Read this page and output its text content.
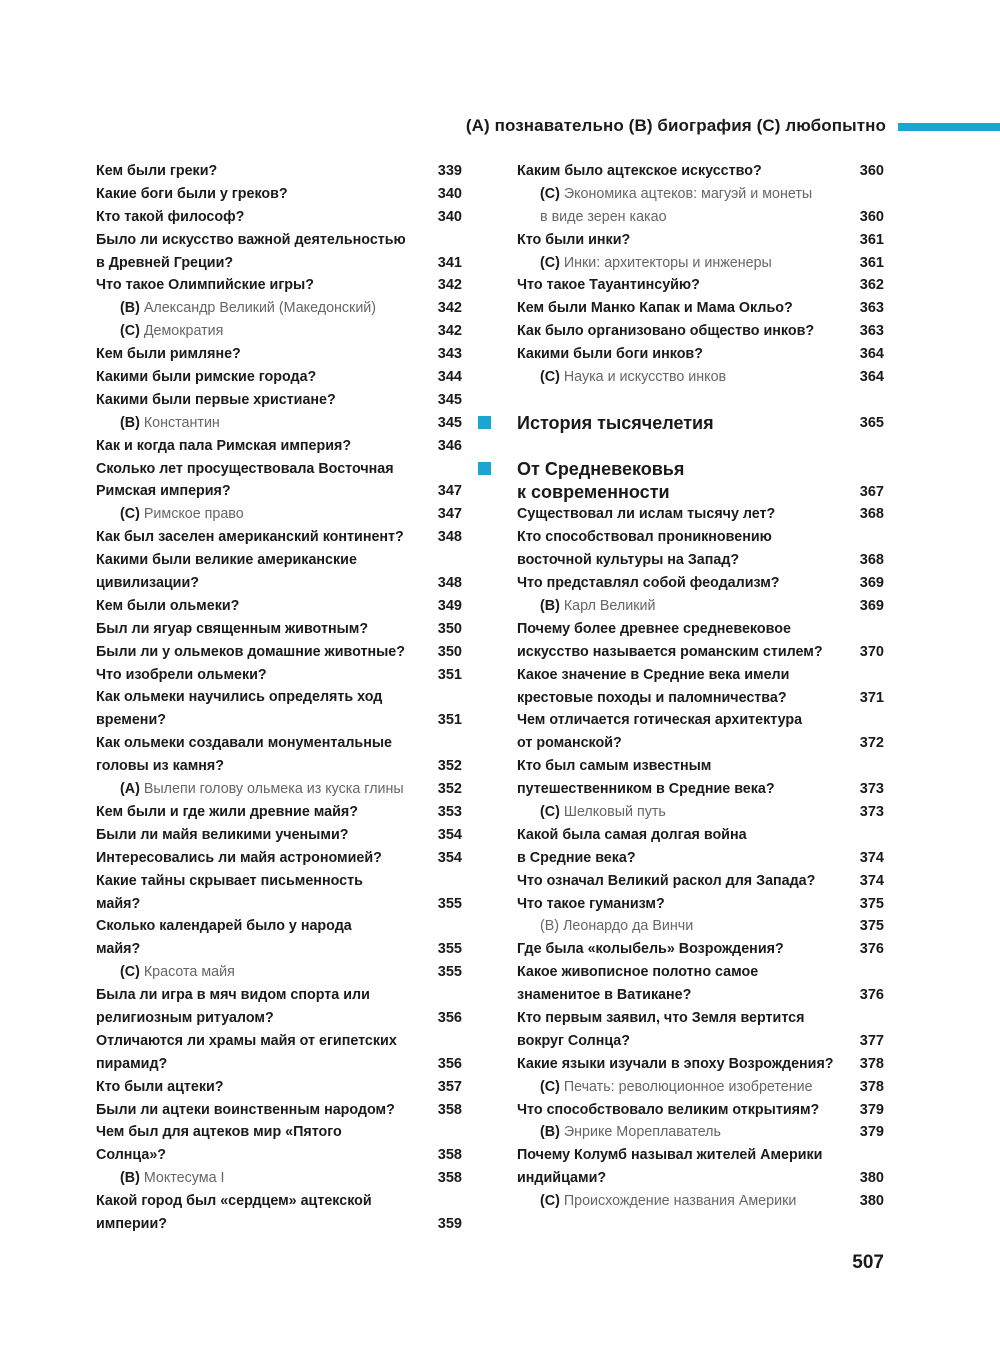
(А) познавательно (В) биография (С) любопытно
Кем были греки?	339
Какие боги были у греков?	340
Кто такой философ?	340
Было ли искусство важной деятельностью
в Древней Греции?	341
Что такое Олимпийские игры?	342
(В) Александр Великий (Македонский)	342
(С) Демократия	342
Кем были римляне?	343
Какими были римские города?	344
Какими были первые христиане?	345
(В) Константин	345
Как и когда пала Римская империя?	346
Сколько лет просуществовала Восточная
Римская империя?	347
(С) Римское право	347
Как был заселен американский континент? 348
Какими были великие американские
цивилизации?	348
Кем были ольмеки?	349
Был ли ягуар священным животным?	350
Были ли у ольмеков домашние животные? 350
Что изобрели ольмеки?	351
Как ольмеки научились определять ход
времени?	351
Как ольмеки создавали монументальные
головы из камня?	352
(А) Вылепи голову ольмека из куска глины 352
Кем были и где жили древние майя?	353
Были ли майя великими учеными?	354
Интересовались ли майя астрономией?	354
Какие тайны скрывает письменность
майя?	355
Сколько календарей было у народа
майя?	355
(С) Красота майя	355
Была ли игра в мяч видом спорта или
религиозным ритуалом?	356
Отличаются ли храмы майя от египетских
пирамид?	356
Кто были ацтеки?	357
Были ли ацтеки воинственным народом?	358
Чем был для ацтеков мир «Пятого
Солнца»?	358
(В) Моктесума I	358
Какой город был «сердцем» ацтекской
империи?	359
Каким было ацтекское искусство?	360
(С) Экономика ацтеков: магуэй и монеты
в виде зерен какао	360
Кто были инки?	361
(С) Инки: архитекторы и инженеры	361
Что такое Тауантинсуйю?	362
Кем были Манко Капак и Мама Окльо?	363
Как было организовано общество инков?	363
Какими были боги инков?	364
(С) Наука и искусство инков	364
История тысячелетия	365
От Средневековья
к современности	367
Существовал ли ислам тысячу лет?	368
Кто способствовал проникновению
восточной культуры на Запад?	368
Что представлял собой феодализм?	369
(В) Карл Великий	369
Почему более древнее средневековое
искусство называется романским стилем?	370
Какое значение в Средние века имели
крестовые походы и паломничества?	371
Чем отличается готическая архитектура
от романской?	372
Кто был самым известным
путешественником в Средние века?	373
(С) Шелковый путь	373
Какой была самая долгая война
в Средние века?	374
Что означал Великий раскол для Запада?	374
Что такое гуманизм?	375
(В) Леонардо да Винчи	375
Где была «колыбель» Возрождения?	376
Какое живописное полотно самое
знаменитое в Ватикане?	376
Кто первым заявил, что Земля вертится
вокруг Солнца?	377
Какие языки изучали в эпоху Возрождения? 378
(С) Печать: революционное изобретение	378
Что способствовало великим открытиям?	379
(В) Энрике Мореплаватель	379
Почему Колумб называл жителей Америки
индийцами?	380
(С) Происхождение названия Америки	380
507
